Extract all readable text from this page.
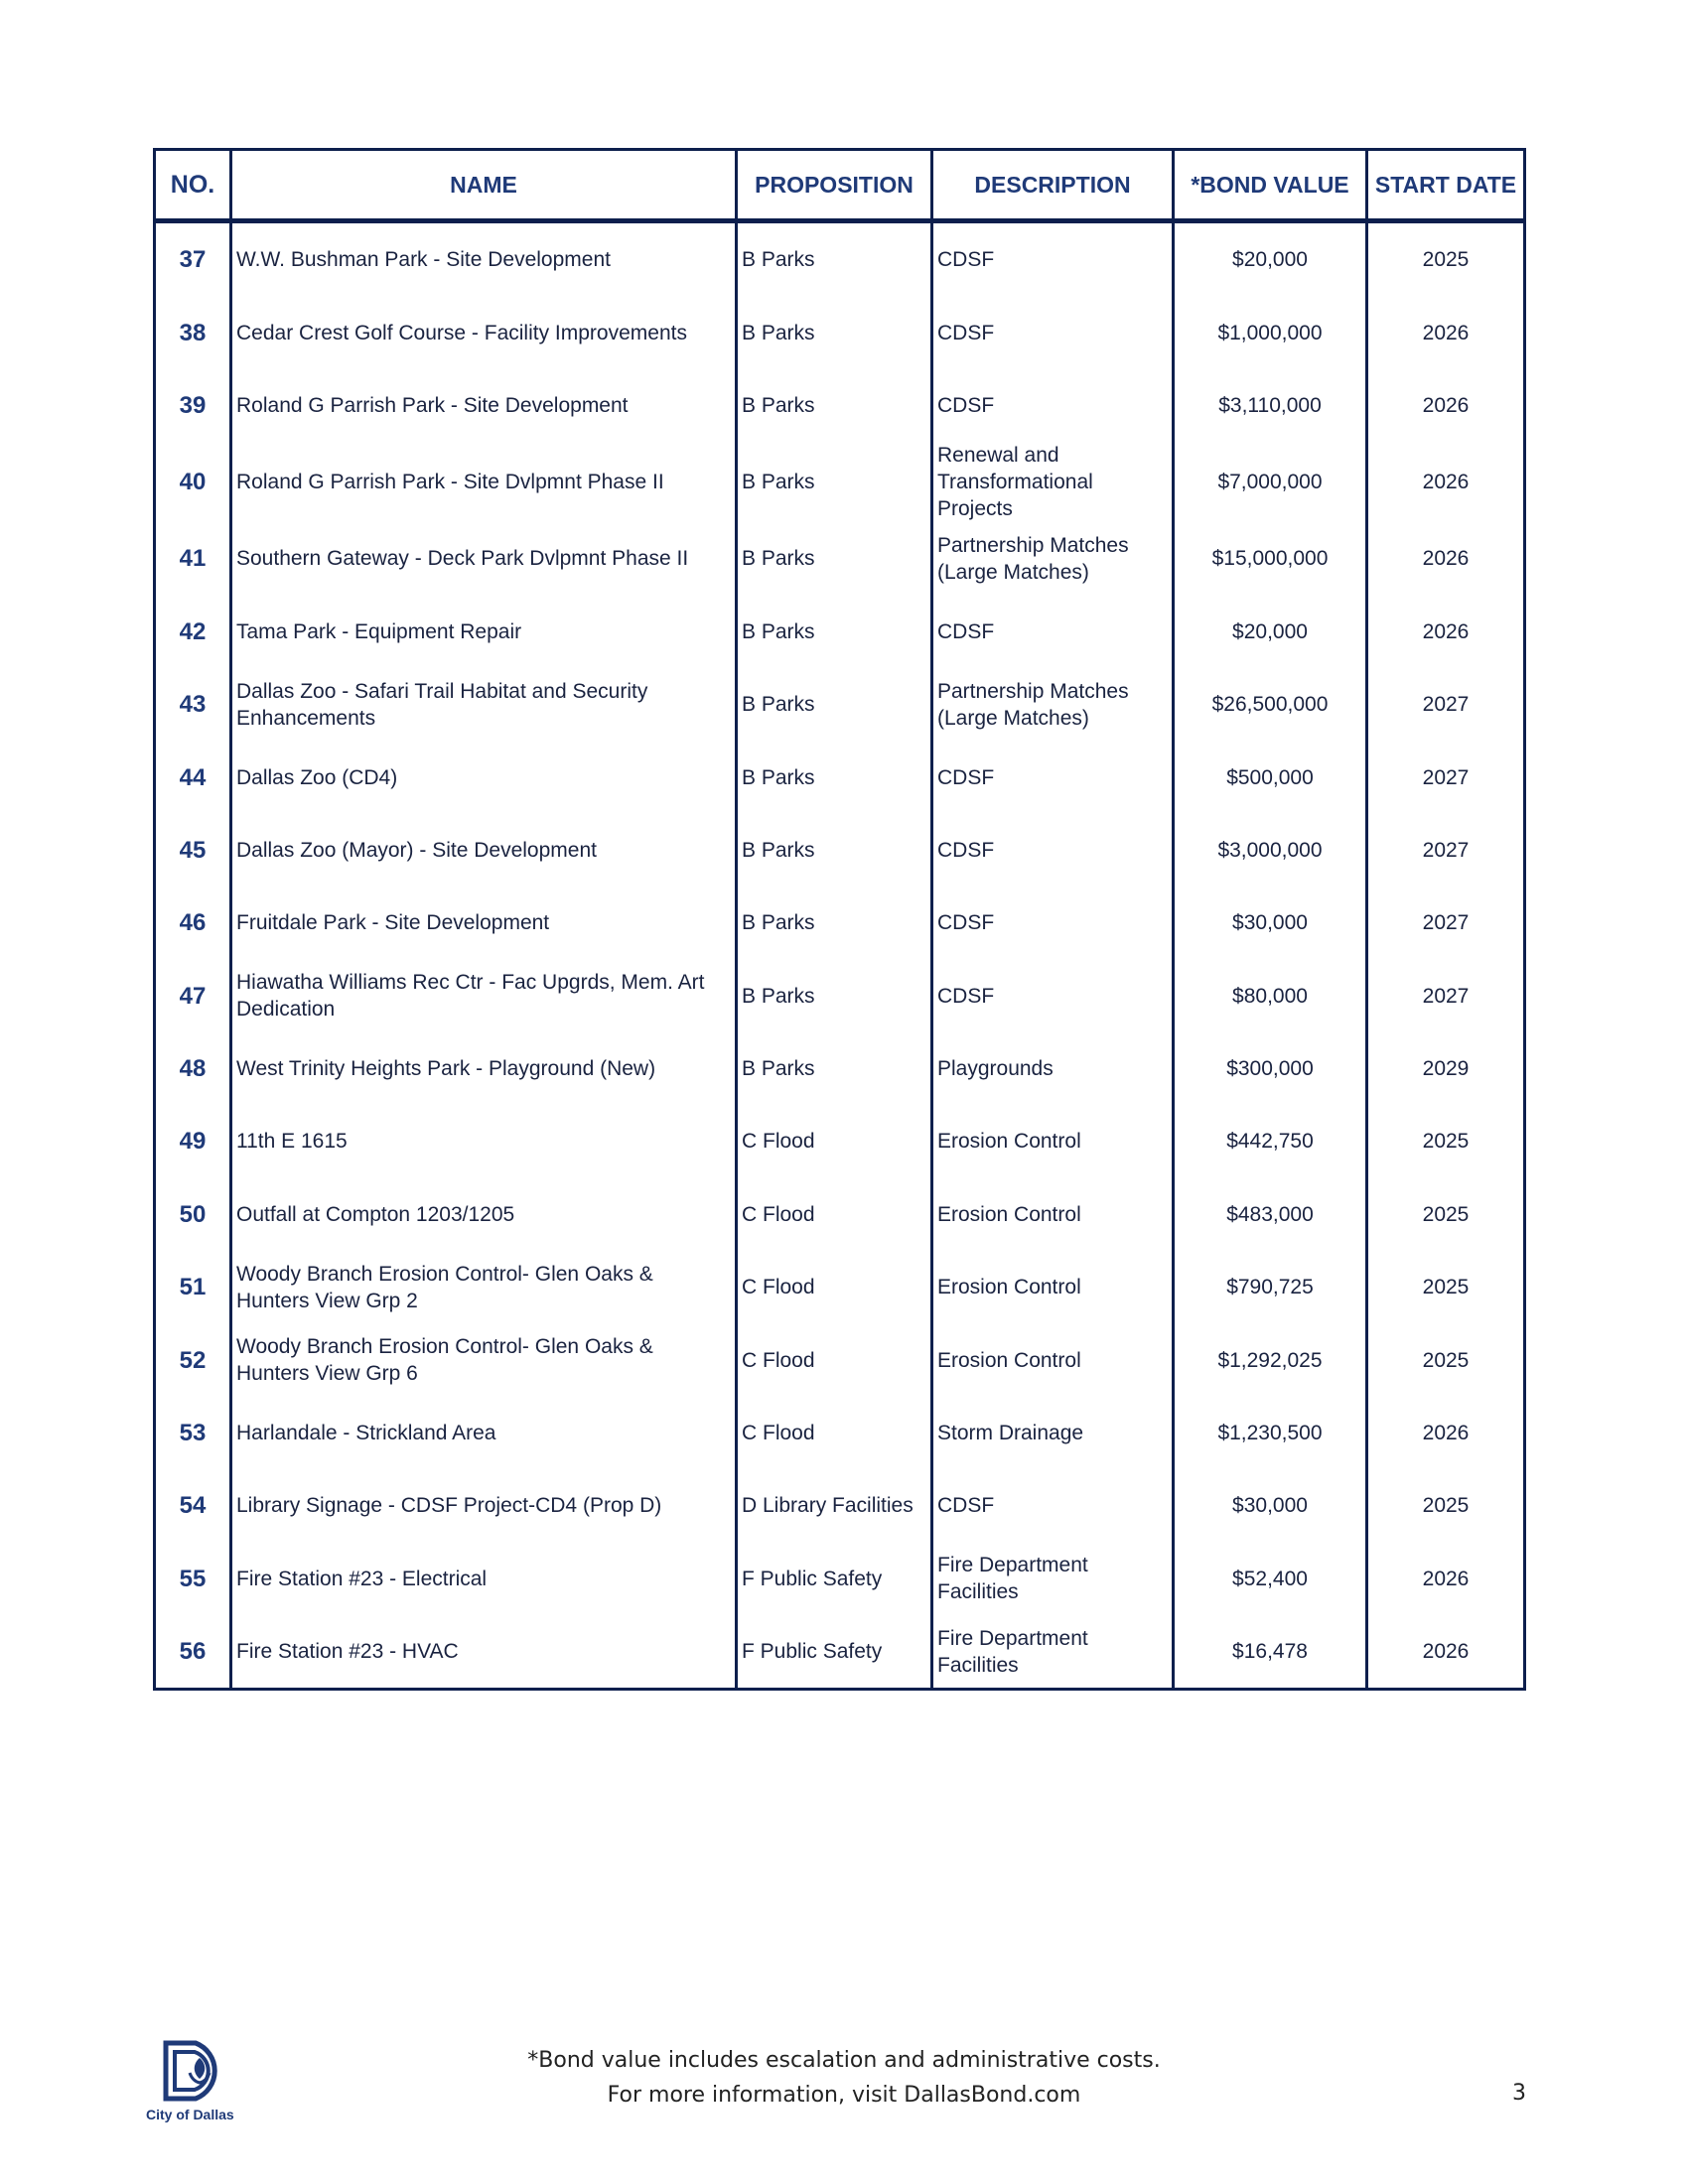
NO.	NAME	PROPOSITION	DESCRIPTION	*BOND VALUE	START DATE
37	W.W. Bushman Park - Site Development	B Parks	CDSF	$20,000	2025
38	Cedar Crest Golf Course - Facility Improvements	B Parks	CDSF	$1,000,000	2026
39	Roland G Parrish Park - Site Development	B Parks	CDSF	$3,110,000	2026
40	Roland G Parrish Park - Site Dvlpmnt Phase II	B Parks	Renewal and Transformational Projects	$7,000,000	2026
41	Southern Gateway - Deck Park Dvlpmnt Phase II	B Parks	Partnership Matches (Large Matches)	$15,000,000	2026
42	Tama Park - Equipment Repair	B Parks	CDSF	$20,000	2026
43	Dallas Zoo - Safari Trail Habitat and Security Enhancements	B Parks	Partnership Matches (Large Matches)	$26,500,000	2027
44	Dallas Zoo (CD4)	B Parks	CDSF	$500,000	2027
45	Dallas Zoo (Mayor) - Site Development	B Parks	CDSF	$3,000,000	2027
46	Fruitdale Park - Site Development	B Parks	CDSF	$30,000	2027
47	Hiawatha Williams Rec Ctr - Fac Upgrds, Mem. Art Dedication	B Parks	CDSF	$80,000	2027
48	West Trinity Heights Park - Playground (New)	B Parks	Playgrounds	$300,000	2029
49	11th E 1615	C Flood	Erosion Control	$442,750	2025
50	Outfall at Compton 1203/1205	C Flood	Erosion Control	$483,000	2025
51	Woody Branch Erosion Control- Glen Oaks & Hunters View Grp 2	C Flood	Erosion Control	$790,725	2025
52	Woody Branch Erosion Control- Glen Oaks & Hunters View Grp 6	C Flood	Erosion Control	$1,292,025	2025
53	Harlandale - Strickland Area	C Flood	Storm Drainage	$1,230,500	2026
54	Library Signage - CDSF Project-CD4 (Prop D)	D Library Facilities	CDSF	$30,000	2025
55	Fire Station #23 - Electrical	F Public Safety	Fire Department Facilities	$52,400	2026
56	Fire Station #23 - HVAC	F Public Safety	Fire Department Facilities	$16,478	2026
*Bond value includes escalation and administrative costs.
For more information, visit DallasBond.com	3
City of Dallas
